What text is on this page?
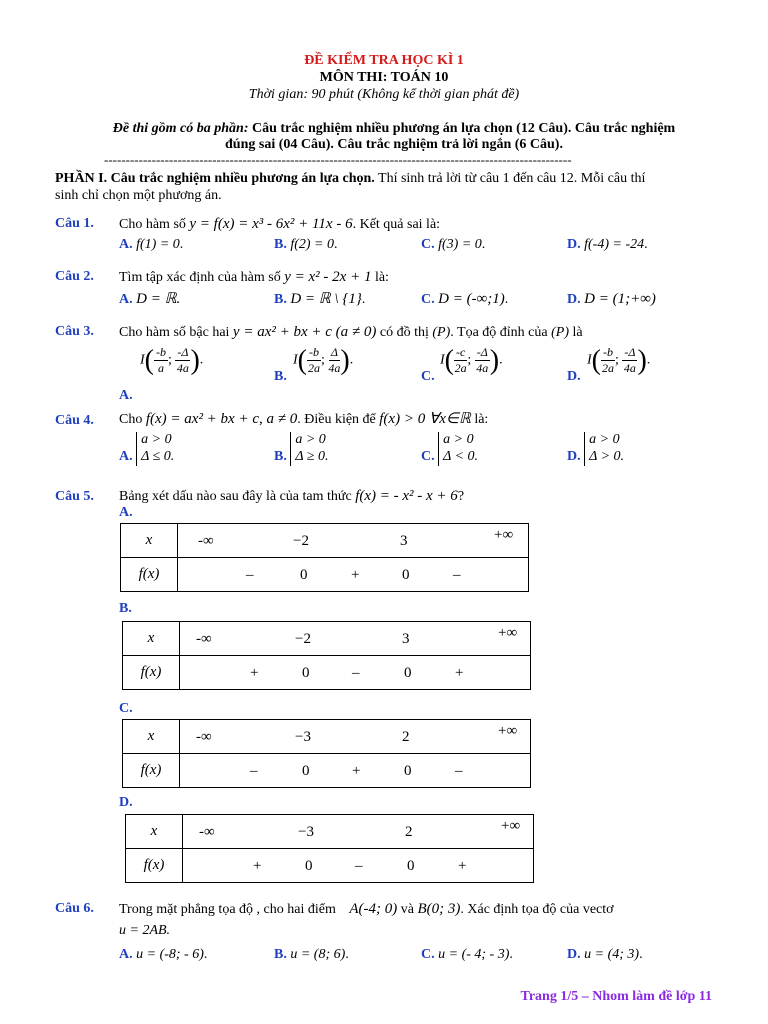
ĐỀ KIỂM TRA HỌC KÌ 1
MÔN THI: TOÁN 10
Thời gian: 90 phút (Không kể thời gian phát đề)
Đề thi gồm có ba phần: Câu trắc nghiệm nhiều phương án lựa chọn (12 Câu). Câu trắc nghiệm
đúng sai (04 Câu). Câu trắc nghiệm trả lời ngắn (6 Câu).
------------------------------------------------------------------------------------------------------------
PHẦN I. Câu trắc nghiệm nhiều phương án lựa chọn. Thí sinh trả lời từ câu 1 đến câu 12. Mỗi câu thí
sinh chỉ chọn một phương án.
Câu 1. Cho hàm số y = f(x) = x³ - 6x² + 11x - 6. Kết quả sai là:
A. f(1) = 0.	B. f(2) = 0.	C. f(3) = 0.	D. f(-4) = -24.
Câu 2. Tìm tập xác định của hàm số y = x² - 2x + 1 là:
A. D = ℝ.	B. D = ℝ \ {1}.	C. D = (-∞;1).	D. D = (1;+∞)
Câu 3. Cho hàm số bậc hai y = ax² + bx + c (a ≠ 0) có đồ thị (P). Tọa độ đỉnh của (P) là
$I( \frac{-b}{a}$ ; $\frac{-\Delta}{4a}$ ).
B.
$I( \frac{-b}{2a}$ ; $\frac{\Delta}{4a}$ ).
C.
$I( \frac{-c}{2a}$ ; $\frac{-\Delta}{4a}$ ).
D.
$I( \frac{-b}{2a}$ ; $\frac{-\Delta}{4a}$ ).
A.
Câu 4. Cho f(x) = ax² + bx + c, a ≠ 0. Điều kiện để f(x) > 0 ∀x∈ℝ là:
A. a > 0
Δ ≤ 0.	B. a > 0
Δ ≥ 0.	C. a > 0
Δ < 0.	D. a > 0
Δ > 0.
Câu 5. Bảng xét dấu nào sau đây là của tam thức f(x) = - x² - x + 6?
A.
x	-∞ −2 3 +∞

f(x)	– 0 + 0 –
B.
x	-∞ −2 3 +∞

f(x)	+ 0 – 0 +
C.
x	-∞ −3 2 +∞

f(x)	– 0 + 0 –
D.
x	-∞ −3 2 +∞

f(x)	+ 0 – 0 +
Câu 6. Trong mặt phẳng tọa độ , cho hai điểm A(-4; 0) và B(0; 3). Xác định tọa độ của vectơ
u = 2AB.
A. u = (-8; - 6).	B. u = (8; 6).	C. u = (- 4; - 3).	D. u = (4; 3).
Trang 1/5 – Nhom làm đề lớp 11
